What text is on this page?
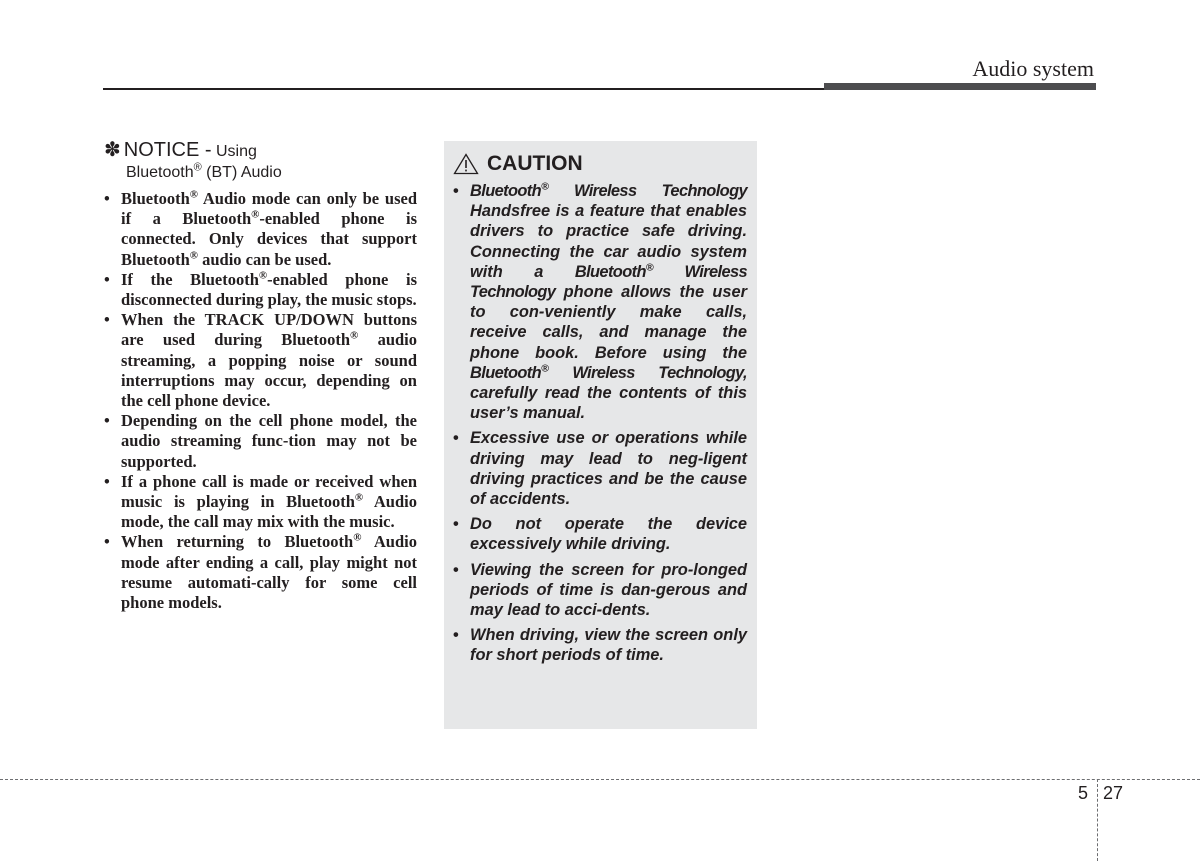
Audio system
✽ NOTICE - Using
Bluetooth® (BT) Audio
• Bluetooth® Audio mode can only be used if a Bluetooth®-enabled phone is connected. Only devices that support Bluetooth® audio can be used.
• If the Bluetooth®-enabled phone is disconnected during play, the music stops.
• When the TRACK UP/DOWN buttons are used during Bluetooth® audio streaming, a popping noise or sound interruptions may occur, depending on the cell phone device.
• Depending on the cell phone model, the audio streaming func-tion may not be supported.
• If a phone call is made or received when music is playing in Bluetooth® Audio mode, the call may mix with the music.
• When returning to Bluetooth® Audio mode after ending a call, play might not resume automati-cally for some cell phone models.
CAUTION
• Bluetooth® Wireless Technology Handsfree is a feature that enables drivers to practice safe driving. Connecting the car audio system with a Bluetooth® Wireless Technology phone allows the user to con-veniently make calls, receive calls, and manage the phone book. Before using the Bluetooth® Wireless Technology, carefully read the contents of this user’s manual.
• Excessive use or operations while driving may lead to neg-ligent driving practices and be the cause of accidents.
• Do not operate the device excessively while driving.
• Viewing the screen for pro-longed periods of time is dan-gerous and may lead to acci-dents.
• When driving, view the screen only for short periods of time.
5 27
